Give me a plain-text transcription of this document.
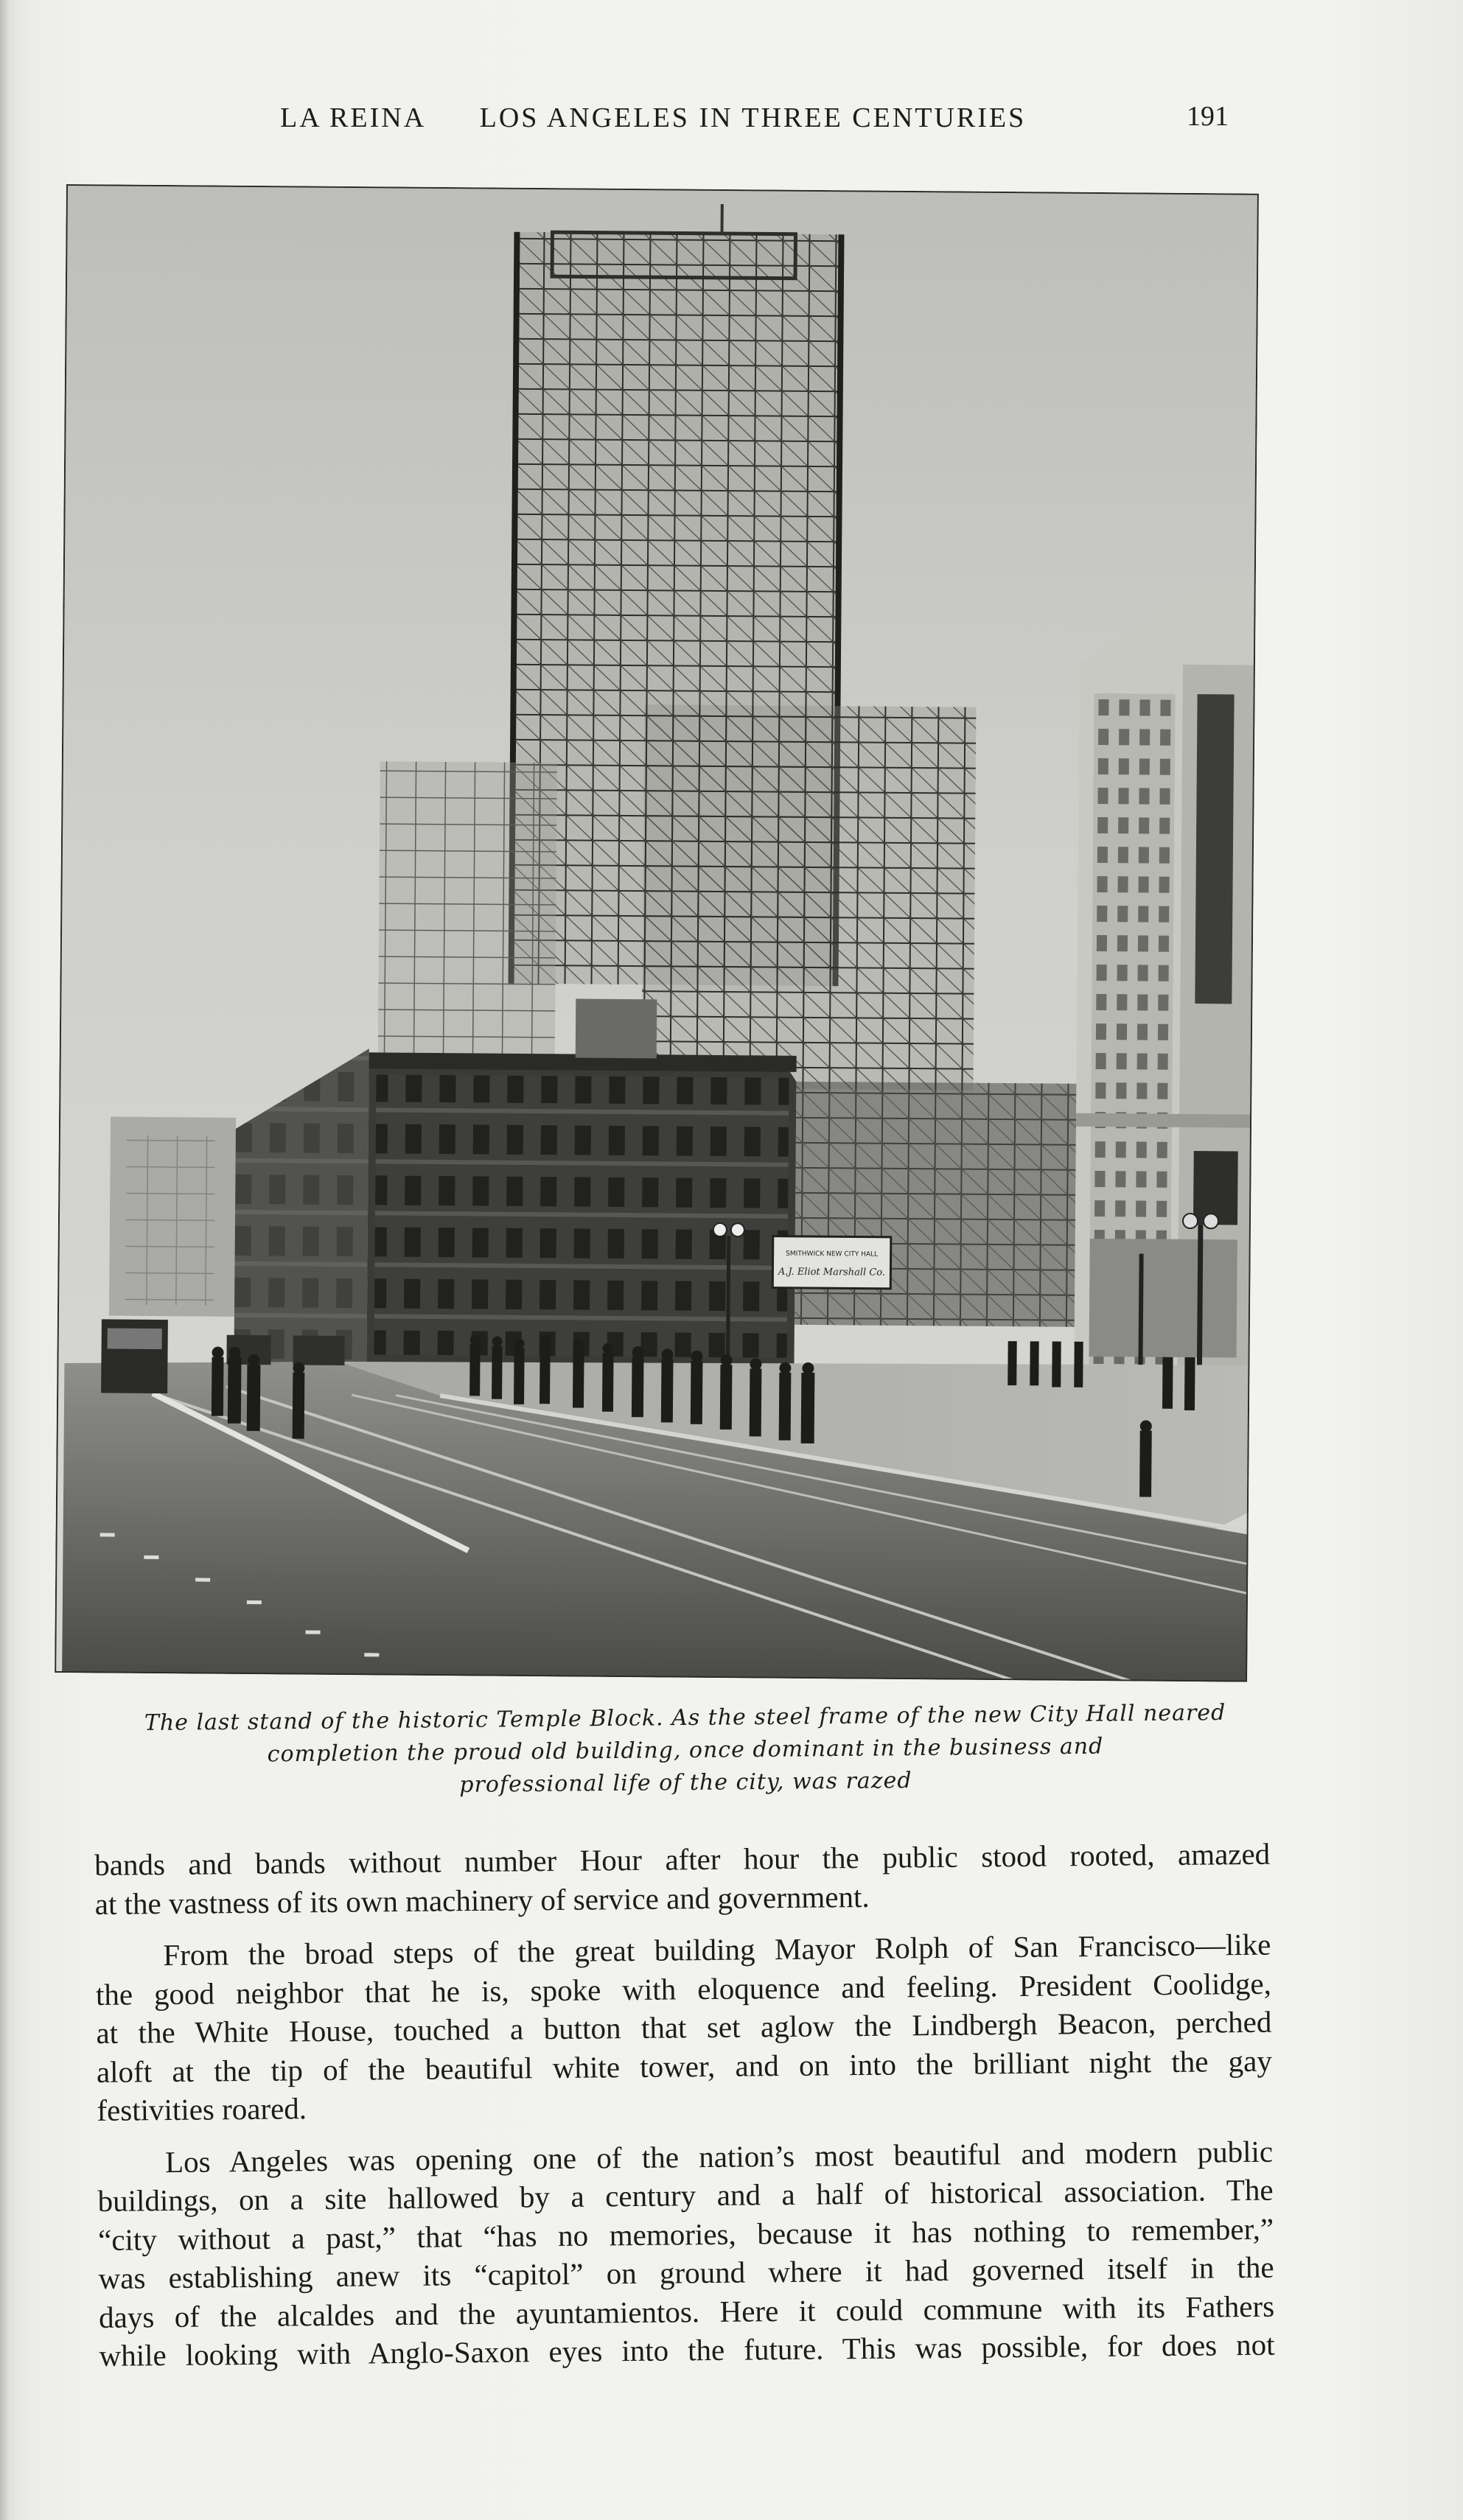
LA REINA LOS ANGELES IN THREE CENTURIES	191
SMITHWICK NEW CITY HALL
A.J. Eliot Marshall Co.
The last stand of the historic Temple Block. As the steel frame of the new City Hall neared
completion the proud old building, once dominant in the business and
professional life of the city, was razed

bands and bands without number Hour after hour the public stood rooted, amazed
at the vastness of its own machinery of service and government.

From the broad steps of the great building Mayor Rolph of San Francisco—like
the good neighbor that he is, spoke with eloquence and feeling. President Coolidge,
at the White House, touched a button that set aglow the Lindbergh Beacon, perched
aloft at the tip of the beautiful white tower, and on into the brilliant night the gay
festivities roared.

Los Angeles was opening one of the nation’s most beautiful and modern public
buildings, on a site hallowed by a century and a half of historical association. The
“city without a past,” that “has no memories, because it has nothing to remember,”
was establishing anew its “capitol” on ground where it had governed itself in the
days of the alcaldes and the ayuntamientos. Here it could commune with its Fathers
while looking with Anglo-Saxon eyes into the future. This was possible, for does not
